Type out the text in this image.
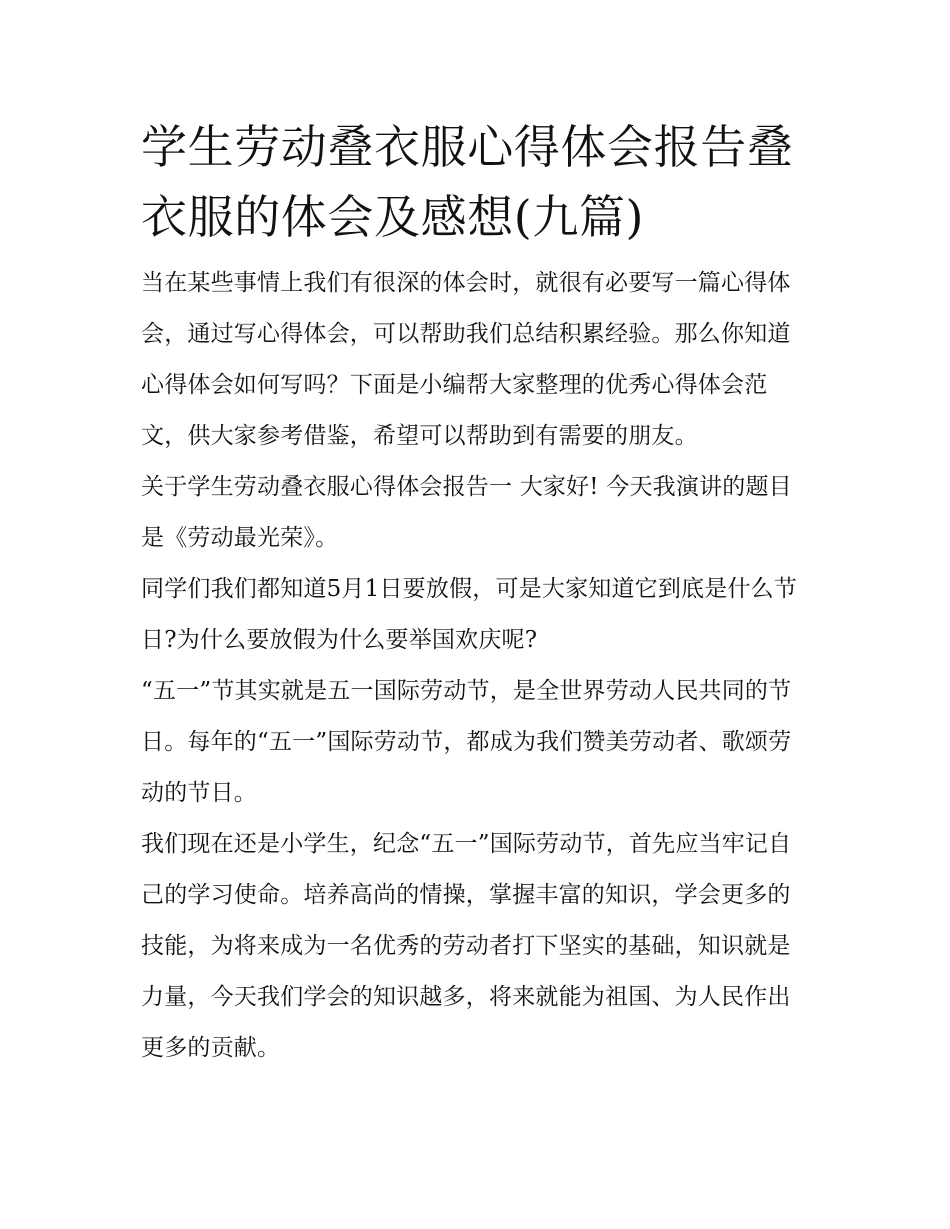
学生劳动叠衣服心得体会报告叠衣服的体会及感想(九篇)

当在某些事情上我们有很深的体会时，就很有必要写一篇心得体会，通过写心得体会，可以帮助我们总结积累经验。那么你知道心得体会如何写吗？下面是小编帮大家整理的优秀心得体会范文，供大家参考借鉴，希望可以帮助到有需要的朋友。

关于学生劳动叠衣服心得体会报告一 大家好! 今天我演讲的题目是《劳动最光荣》。

同学们我们都知道5月1日要放假，可是大家知道它到底是什么节日?为什么要放假为什么要举国欢庆呢?

“五一”节其实就是五一国际劳动节，是全世界劳动人民共同的节日。每年的“五一”国际劳动节，都成为我们赞美劳动者、歌颂劳动的节日。

我们现在还是小学生，纪念“五一”国际劳动节，首先应当牢记自己的学习使命。培养高尚的情操，掌握丰富的知识，学会更多的技能，为将来成为一名优秀的劳动者打下坚实的基础，知识就是力量，今天我们学会的知识越多，将来就能为祖国、为人民作出更多的贡献。
